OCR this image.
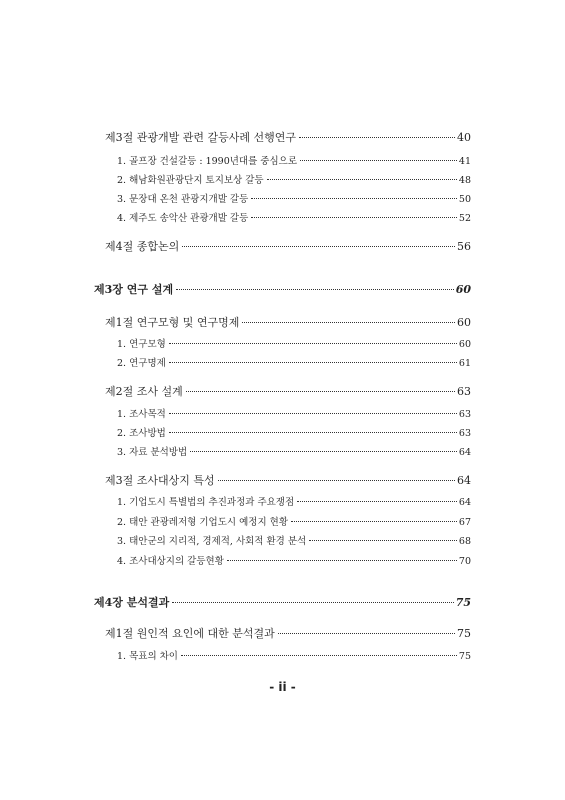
제3절 관광개발 관련 갈등사례 선행연구	40
1. 골프장 건설갈등 : 1990년대를 중심으로	41
2. 해남화원관광단지 토지보상 갈등	48
3. 문장대 온천 관광지개발 갈등	50
4. 제주도 송악산 관광개발 갈등	52
제4절 종합논의	56
제3장 연구 설계	60
제1절 연구모형 및 연구명제	60
1. 연구모형	60
2. 연구명제	61
제2절 조사 설계	63
1. 조사목적	63
2. 조사방법	63
3. 자료 분석방법	64
제3절 조사대상지 특성	64
1. 기업도시 특별법의 추진과정과 주요쟁점	64
2. 태안 관광레저형 기업도시 예정지 현황	67
3. 태안군의 지리적, 경제적, 사회적 환경 분석	68
4. 조사대상지의 갈등현황	70
제4장 분석결과	75
제1절 원인적 요인에 대한 분석결과	75
1. 목표의 차이	75
- ii -
